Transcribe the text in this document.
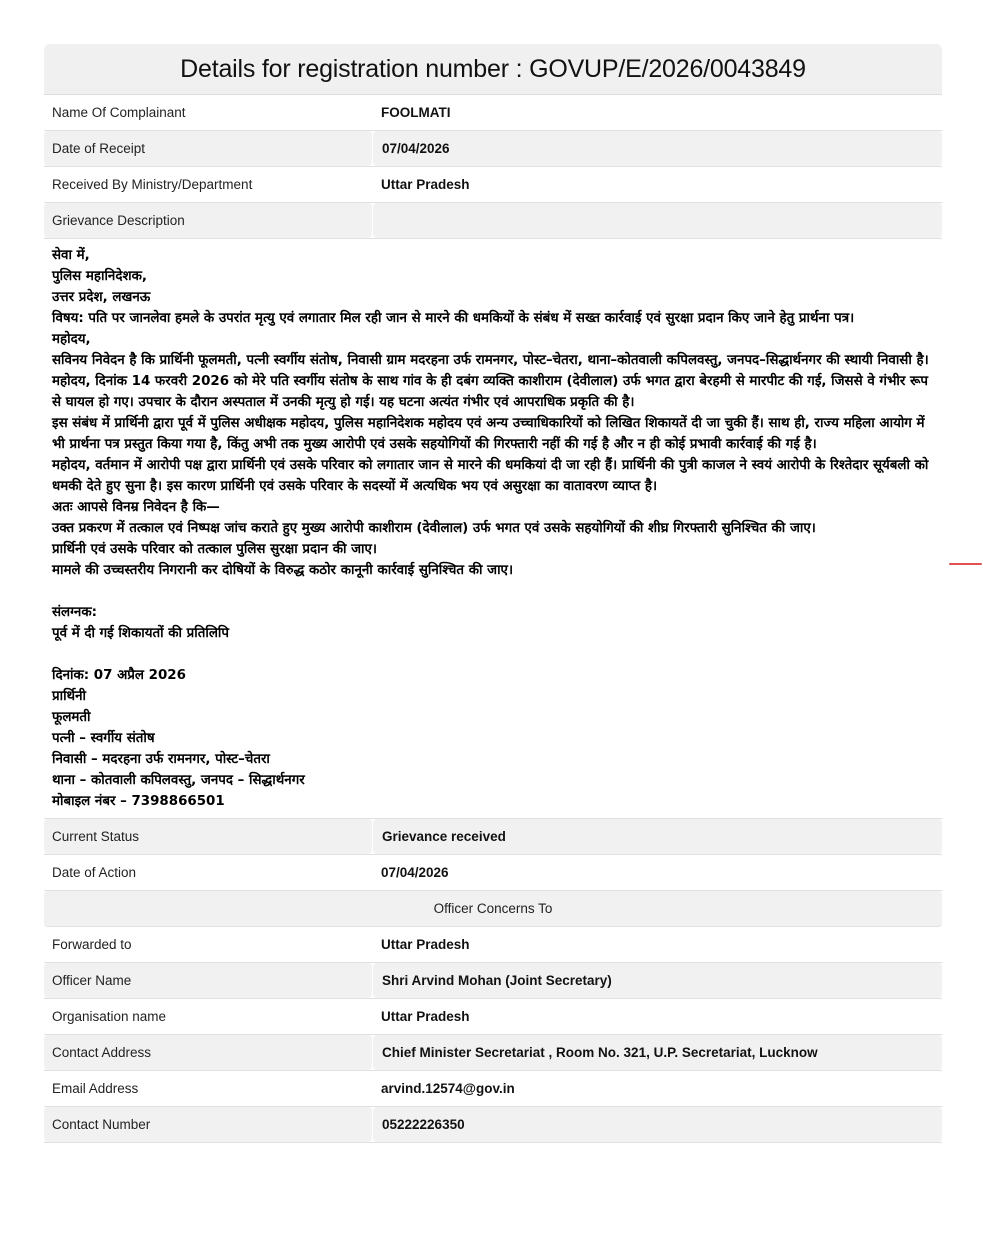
Details for registration number : GOVUP/E/2026/0043849
Name Of Complainant	FOOLMATI
Date of Receipt	07/04/2026
Received By Ministry/Department	Uttar Pradesh
Grievance Description

सेवा में,

पुलिस महानिदेशक,

उत्तर प्रदेश, लखनऊ

विषय: पति पर जानलेवा हमले के उपरांत मृत्यु एवं लगातार मिल रही जान से मारने की धमकियों के संबंध में सख्त कार्रवाई एवं सुरक्षा प्रदान किए जाने हेतु प्रार्थना पत्र।

महोदय,

सविनय निवेदन है कि प्रार्थिनी फूलमती, पत्नी स्वर्गीय संतोष, निवासी ग्राम मदरहना उर्फ रामनगर, पोस्ट–चेतरा, थाना–कोतवाली कपिलवस्तु, जनपद–सिद्धार्थनगर की स्थायी निवासी है।

महोदय, दिनांक 14 फरवरी 2026 को मेरे पति स्वर्गीय संतोष के साथ गांव के ही दबंग व्यक्ति काशीराम (देवीलाल) उर्फ भगत द्वारा बेरहमी से मारपीट की गई, जिससे वे गंभीर रूप से घायल हो गए। उपचार के दौरान अस्पताल में उनकी मृत्यु हो गई। यह घटना अत्यंत गंभीर एवं आपराधिक प्रकृति की है।

इस संबंध में प्रार्थिनी द्वारा पूर्व में पुलिस अधीक्षक महोदय, पुलिस महानिदेशक महोदय एवं अन्य उच्चाधिकारियों को लिखित शिकायतें दी जा चुकी हैं। साथ ही, राज्य महिला आयोग में भी प्रार्थना पत्र प्रस्तुत किया गया है, किंतु अभी तक मुख्य आरोपी एवं उसके सहयोगियों की गिरफ्तारी नहीं की गई है और न ही कोई प्रभावी कार्रवाई की गई है।

महोदय, वर्तमान में आरोपी पक्ष द्वारा प्रार्थिनी एवं उसके परिवार को लगातार जान से मारने की धमकियां दी जा रही हैं। प्रार्थिनी की पुत्री काजल ने स्वयं आरोपी के रिश्तेदार सूर्यबली को धमकी देते हुए सुना है। इस कारण प्रार्थिनी एवं उसके परिवार के सदस्यों में अत्यधिक भय एवं असुरक्षा का वातावरण व्याप्त है।

अतः आपसे विनम्र निवेदन है कि—

उक्त प्रकरण में तत्काल एवं निष्पक्ष जांच कराते हुए मुख्य आरोपी काशीराम (देवीलाल) उर्फ भगत एवं उसके सहयोगियों की शीघ्र गिरफ्तारी सुनिश्चित की जाए।

प्रार्थिनी एवं उसके परिवार को तत्काल पुलिस सुरक्षा प्रदान की जाए।

मामले की उच्चस्तरीय निगरानी कर दोषियों के विरुद्ध कठोर कानूनी कार्रवाई सुनिश्चित की जाए।

संलग्नक:

पूर्व में दी गई शिकायतों की प्रतिलिपि

दिनांक: 07 अप्रैल 2026

प्रार्थिनी

फूलमती

पत्नी – स्वर्गीय संतोष

निवासी – मदरहना उर्फ रामनगर, पोस्ट–चेतरा

थाना – कोतवाली कपिलवस्तु, जनपद – सिद्धार्थनगर

मोबाइल नंबर – 7398866501

Current Status	Grievance received
Date of Action	07/04/2026
Officer Concerns To
Forwarded to	Uttar Pradesh
Officer Name	Shri Arvind Mohan (Joint Secretary)
Organisation name	Uttar Pradesh
Contact Address	Chief Minister Secretariat , Room No. 321, U.P. Secretariat, Lucknow
Email Address	arvind.12574@gov.in
Contact Number	05222226350
